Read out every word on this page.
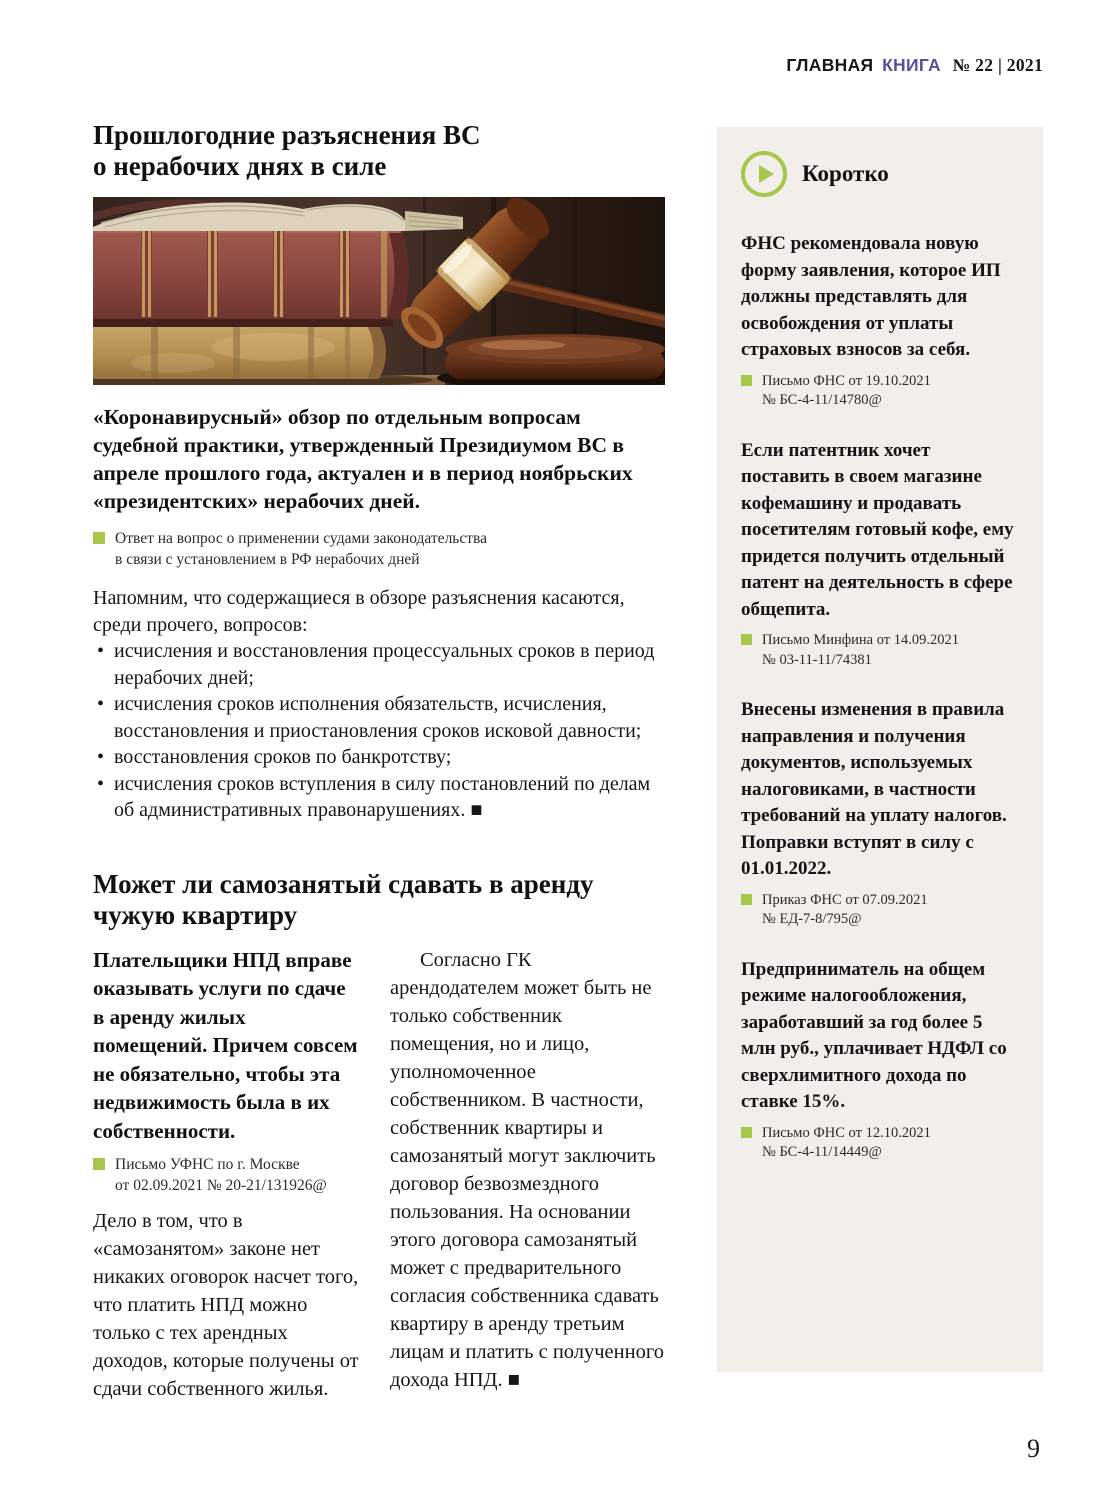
ГЛАВНАЯ КНИГА № 22 | 2021
Прошлогодние разъяснения ВС
о нерабочих днях в силе

«Коронавирусный» обзор по отдельным вопросам судебной практики, утвержденный Президиумом ВС в апреле прошлого года, актуален и в период ноябрьских «президентских» нерабочих дней.

Ответ на вопрос о применении судами законодательства
в связи с установлением в РФ нерабочих дней

Напомним, что содержащиеся в обзоре разъяснения касаются, среди прочего, вопросов:

• исчисления и восстановления процессуальных сроков в период нерабочих дней;
• исчисления сроков исполнения обязательств, исчисления, восстановления и приостановления сроков исковой давности;
• восстановления сроков по банкротству;
• исчисления сроков вступления в силу постановлений по делам об административных правонарушениях. ■
Может ли самозанятый сдавать в аренду
чужую квартиру

Плательщики НПД вправе оказывать услуги по сдаче в аренду жилых помещений. Причем совсем не обязательно, чтобы эта недвижимость была в их собственности.

Письмо УФНС по г. Москве
от 02.09.2021 № 20-21/131926@

Дело в том, что в «самозанятом» законе нет никаких оговорок насчет того, что платить НПД можно только с тех арендных доходов, которые получены от сдачи собственного жилья.

Согласно ГК арендодателем может быть не только собственник помещения, но и лицо, уполномоченное собственником. В частности, собственник квартиры и самозанятый могут заключить договор безвозмездного пользования. На основании этого договора самозанятый может с предварительного согласия собственника сдавать квартиру в аренду третьим лицам и платить с полученного дохода НПД. ■

Коротко

ФНС рекомендовала новую форму заявления, которое ИП должны представлять для освобождения от уплаты страховых взносов за себя.

Письмо ФНС от 19.10.2021
№ БС-4-11/14780@

Если патентник хочет поставить в своем магазине кофемашину и продавать посетителям готовый кофе, ему придется получить отдельный патент на деятельность в сфере общепита.

Письмо Минфина от 14.09.2021
№ 03-11-11/74381

Внесены изменения в правила направления и получения документов, используемых налоговиками, в частности требований на уплату налогов. Поправки вступят в силу с 01.01.2022.

Приказ ФНС от 07.09.2021
№ ЕД-7-8/795@

Предприниматель на общем режиме налогообложения, заработавший за год более 5 млн руб., уплачивает НДФЛ со сверхлимитного дохода по ставке 15%.

Письмо ФНС от 12.10.2021
№ БС-4-11/14449@
9
